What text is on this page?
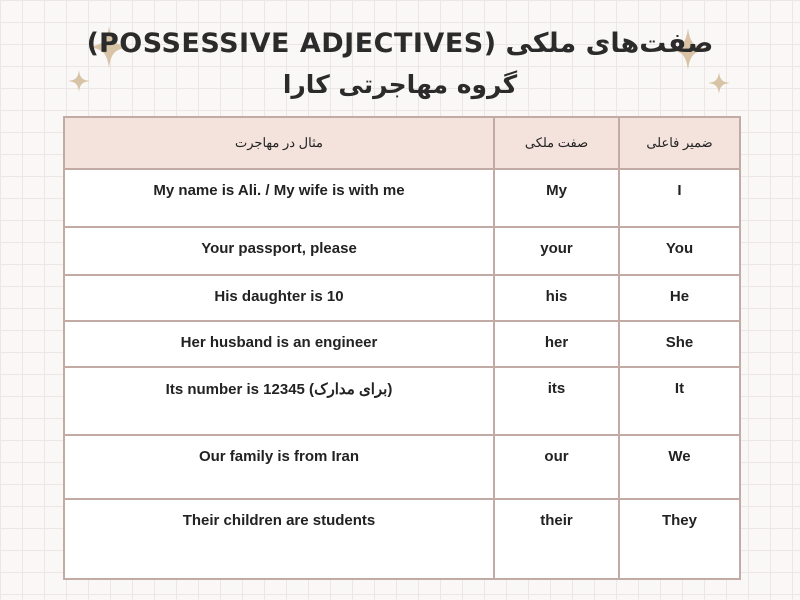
صفت‌های ملکی (POSSESSIVE ADJECTIVES)
گروه مهاجرتی کارا
مثال در مهاجرت	صفت ملکی	ضمیر فاعلی
My name is Ali. / My wife is with me	My	I
Your passport, please	your	You
His daughter is 10	his	He
Her husband is an engineer	her	She
Its number is 12345 (برای مدارک)	its	It
Our family is from Iran	our	We
Their children are students	their	They
